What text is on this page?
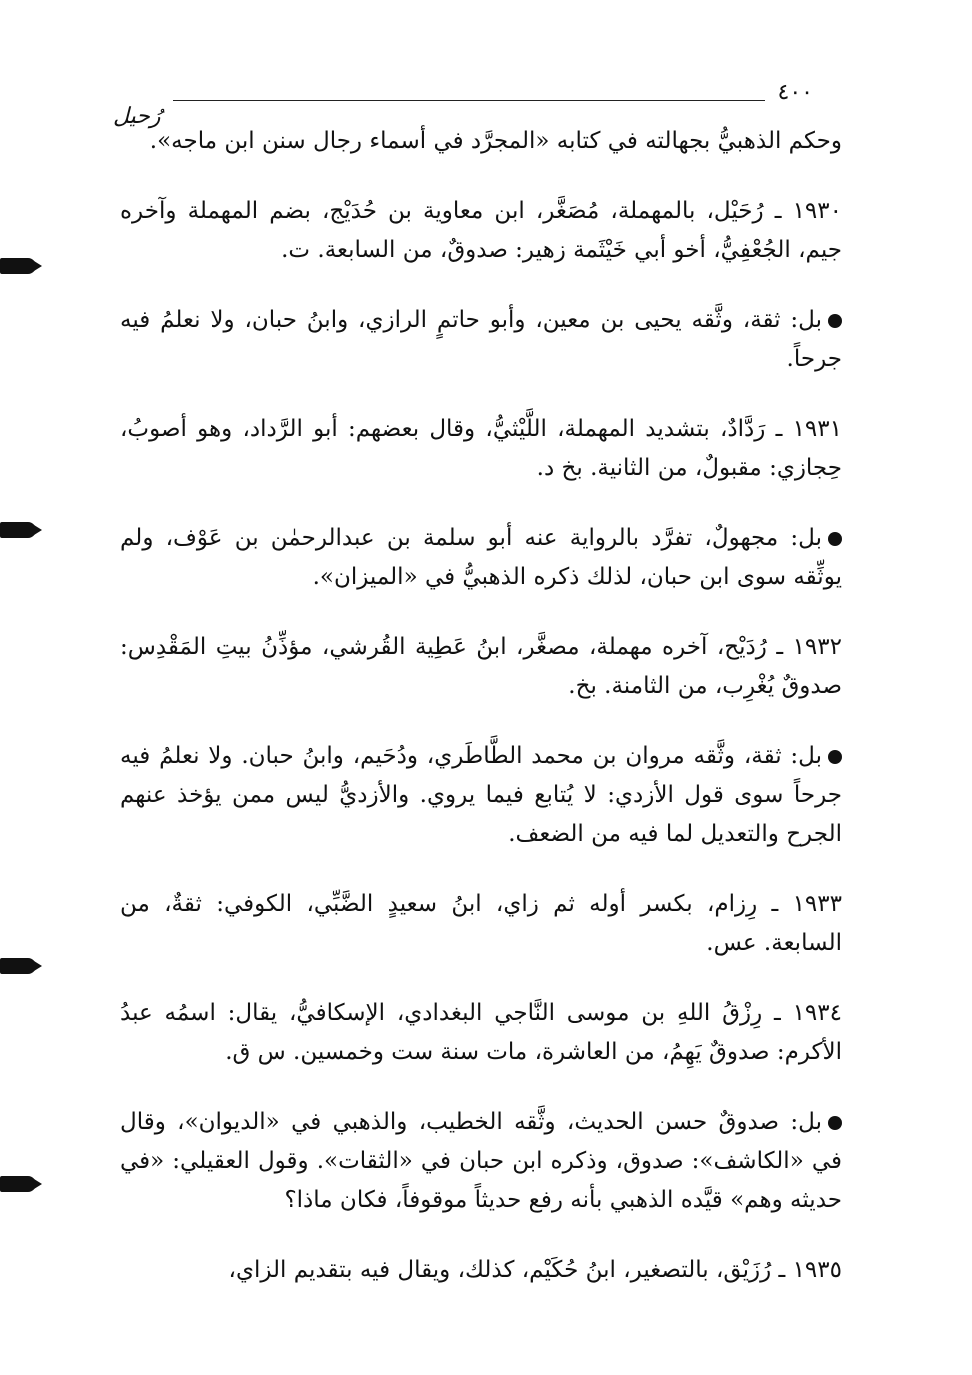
٤٠٠
رُحيل

وحكم الذهبيُّ بجهالته في كتابه «المجرَّد في أسماء رجال سنن ابن ماجه».

١٩٣٠ ـ رُحَيْل، بالمهملة، مُصَغَّر، ابن معاوية بن حُدَيْج، بضم المهملة وآخره جيم، الجُعْفِيُّ، أخو أبي خَيْثَمة زهير: صدوقٌ، من السابعة. ت.

بل: ثقة، وثَّقه يحيى بن معين، وأبو حاتمٍ الرازي، وابنُ حبان، ولا نعلمُ فيه جرحاً.

١٩٣١ ـ رَدَّادٌ، بتشديد المهملة، اللَّيْثيُّ، وقال بعضهم: أبو الرَّداد، وهو أصوبُ، حِجازي: مقبولٌ، من الثانية. بخ د.

بل: مجهولٌ، تفرَّد بالرواية عنه أبو سلمة بن عبدالرحمٰن بن عَوْف، ولم يوثِّقه سوى ابن حبان، لذلك ذكره الذهبيُّ في «الميزان».

١٩٣٢ ـ رُدَيْح، آخره مهملة، مصغَّر، ابنُ عَطِية القُرشي، مؤذِّنُ بيتِ المَقْدِس: صدوقٌ يُغْرِب، من الثامنة. بخ.

بل: ثقة، وثَّقه مروان بن محمد الطَّاطَري، ودُحَيم، وابنُ حبان. ولا نعلمُ فيه جرحاً سوى قول الأزدي: لا يُتابع فيما يروي. والأزديُّ ليس ممن يؤخذ عنهم الجرح والتعديل لما فيه من الضعف.

١٩٣٣ ـ رِزام، بكسر أوله ثم زاي، ابنُ سعيدٍ الضَّبِّي، الكوفي: ثقةٌ، من السابعة. عس.

١٩٣٤ ـ رِزْقُ اللهِ بن موسى النَّاجي البغدادي، الإسكافيُّ، يقال: اسمُه عبدُ الأكرم: صدوقٌ يَهِمُ، من العاشرة، مات سنة ست وخمسين. س ق.

بل: صدوقٌ حسن الحديث، وثَّقه الخطيب، والذهبي في «الديوان»، وقال في «الكاشف»: صدوق، وذكره ابن حبان في «الثقات». وقول العقيلي: «في حديثه وهم» قيَّده الذهبي بأنه رفع حديثاً موقوفاً، فكان ماذا؟

١٩٣٥ ـ رُزَيْق، بالتصغير، ابنُ حُكَيْم، كذلك، ويقال فيه بتقديم الزاي،
